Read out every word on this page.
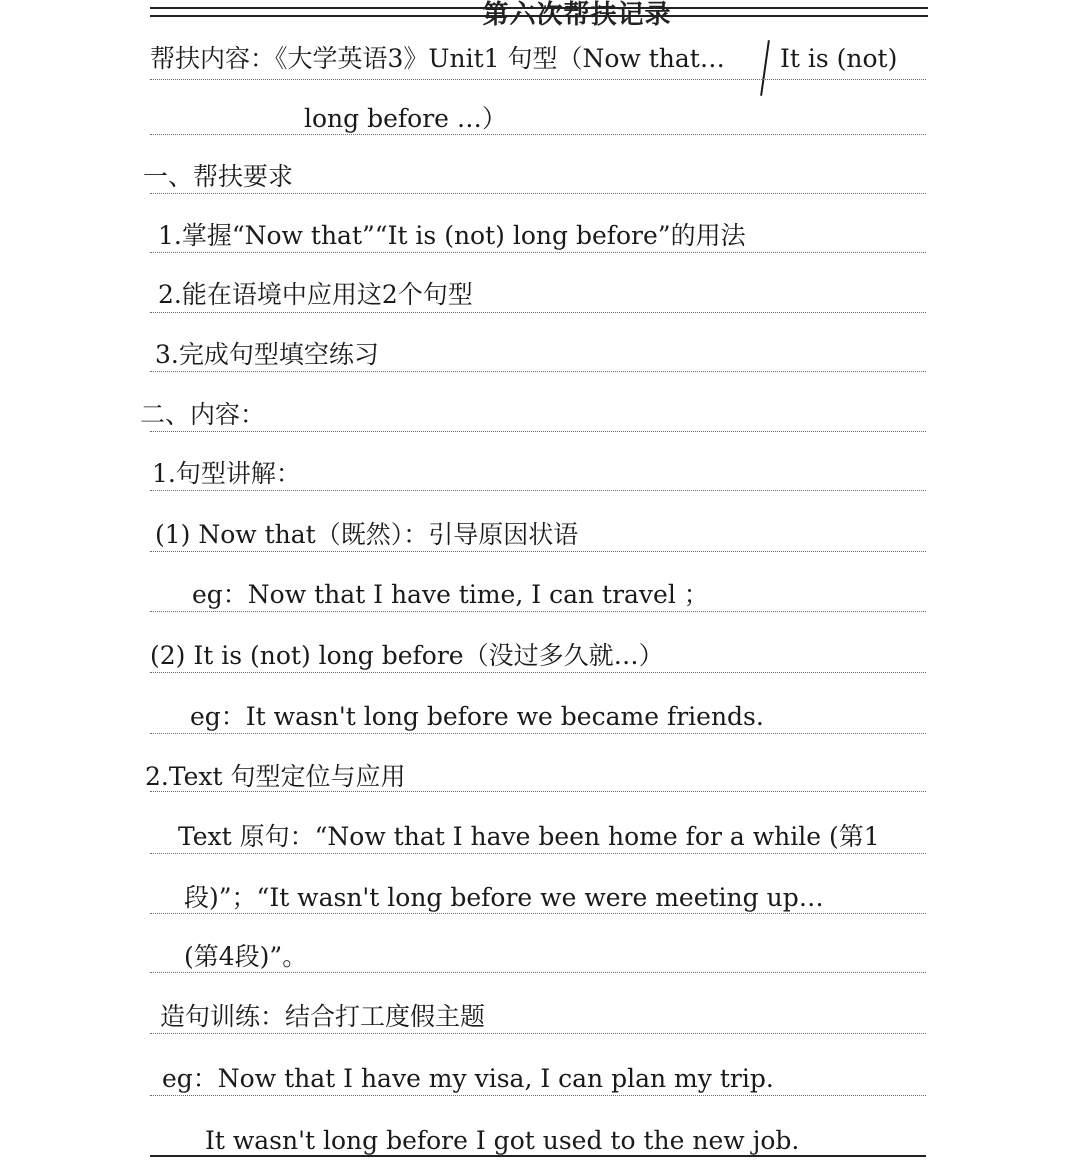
第六次帮扶记录
帮扶内容：《大学英语3》Unit1 句型（Now that… It is (not)
long before …）
一、帮扶要求
1.掌握“Now that”“It is (not) long before”的用法
2.能在语境中应用这2个句型
3.完成句型填空练习
二、内容：
1.句型讲解：
(1) Now that（既然）：引导原因状语
eg：Now that I have time, I can travel ；
(2) It is (not) long before（没过多久就…）
eg：It wasn't long before we became friends.
2.Text 句型定位与应用
Text 原句：“Now that I have been home for a while (第1
段)”；“It wasn't long before we were meeting up…
(第4段)”。
造句训练：结合打工度假主题
eg：Now that I have my visa, I can plan my trip.
It wasn't long before I got used to the new job.
